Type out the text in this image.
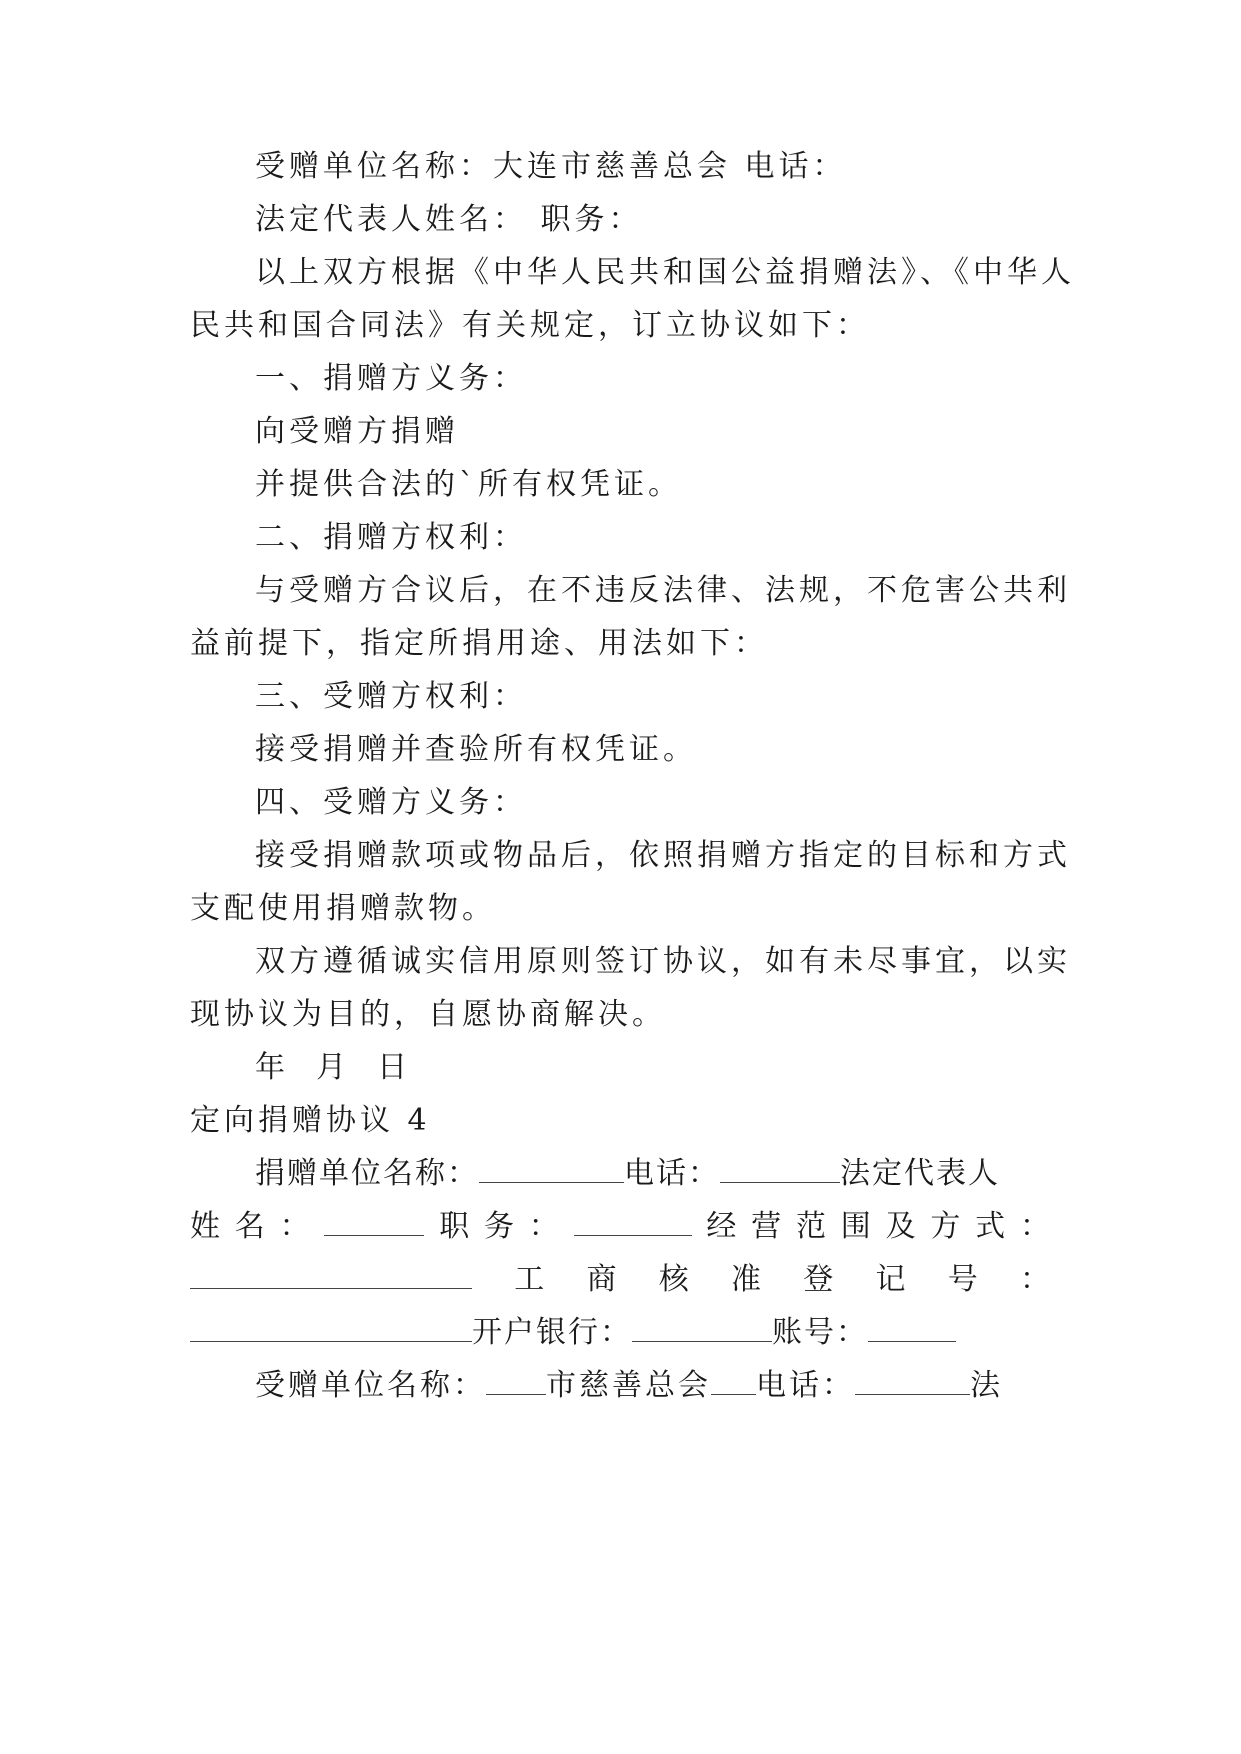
受赠单位名称：大连市慈善总会 电话：
法定代表人姓名： 职务：
以上双方根据《中华人民共和国公益捐赠法》、《中华人
民共和国合同法》有关规定，订立协议如下：
一、捐赠方义务：
向受赠方捐赠
并提供合法的`所有权凭证。
二、捐赠方权利：
与受赠方合议后，在不违反法律、法规，不危害公共利
益前提下，指定所捐用途、用法如下：
三、受赠方权利：
接受捐赠并查验所有权凭证。
四、受赠方义务：
接受捐赠款项或物品后，依照捐赠方指定的目标和方式
支配使用捐赠款物。
双方遵循诚实信用原则签订协议，如有未尽事宜，以实
现协议为目的，自愿协商解决。
年  月  日
定向捐赠协议 4
捐赠单位名称：	电话：	法定代表人
姓 名 ：	职 务 ：	经 营 范 围 及 方 式 ：
工 商 核 准 登 记 号 ：
开户银行：	账号：
受赠单位名称： 市慈善总会 电话：	法
